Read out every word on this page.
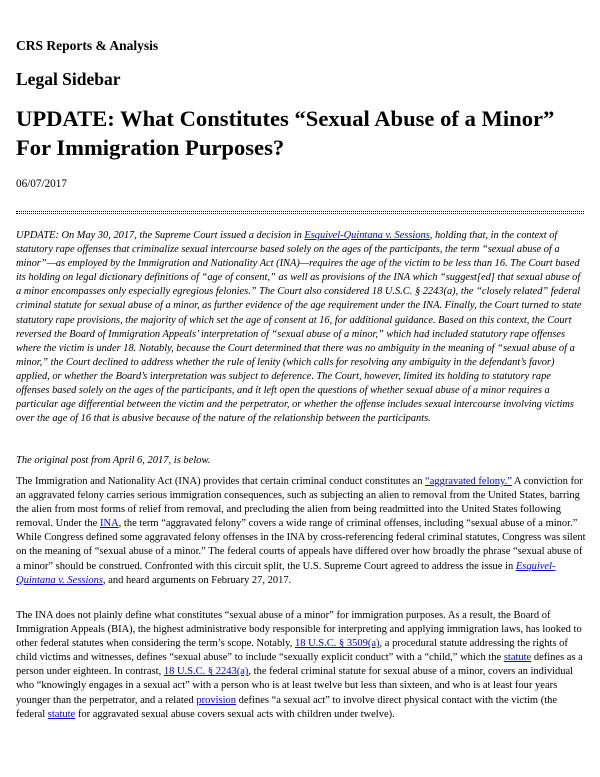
CRS Reports & Analysis
Legal Sidebar
UPDATE: What Constitutes “Sexual Abuse of a Minor” For Immigration Purposes?
06/07/2017

UPDATE: On May 30, 2017, the Supreme Court issued a decision in Esquivel-Quintana v. Sessions, holding that, in the context of statutory rape offenses that criminalize sexual intercourse based solely on the ages of the participants, the term “sexual abuse of a minor”—as employed by the Immigration and Nationality Act (INA)—requires the age of the victim to be less than 16. The Court based its holding on legal dictionary definitions of “age of consent,” as well as provisions of the INA which “suggest[ed] that sexual abuse of a minor encompasses only especially egregious felonies.” The Court also considered 18 U.S.C. § 2243(a), the “closely related” federal criminal statute for sexual abuse of a minor, as further evidence of the age requirement under the INA. Finally, the Court turned to state statutory rape provisions, the majority of which set the age of consent at 16, for additional guidance. Based on this context, the Court reversed the Board of Immigration Appeals’ interpretation of “sexual abuse of a minor,” which had included statutory rape offenses where the victim is under 18. Notably, because the Court determined that there was no ambiguity in the meaning of “sexual abuse of a minor,” the Court declined to address whether the rule of lenity (which calls for resolving any ambiguity in the defendant’s favor) applied, or whether the Board’s interpretation was subject to deference. The Court, however, limited its holding to statutory rape offenses based solely on the ages of the participants, and it left open the questions of whether sexual abuse of a minor requires a particular age differential between the victim and the perpetrator, or whether the offense includes sexual intercourse involving victims over the age of 16 that is abusive because of the nature of the relationship between the participants.

The original post from April 6, 2017, is below.

The Immigration and Nationality Act (INA) provides that certain criminal conduct constitutes an “aggravated felony.” A conviction for an aggravated felony carries serious immigration consequences, such as subjecting an alien to removal from the United States, barring the alien from most forms of relief from removal, and precluding the alien from being readmitted into the United States following removal. Under the INA, the term “aggravated felony” covers a wide range of criminal offenses, including “sexual abuse of a minor.” While Congress defined some aggravated felony offenses in the INA by cross-referencing federal criminal statutes, Congress was silent on the meaning of “sexual abuse of a minor.” The federal courts of appeals have differed over how broadly the phrase “sexual abuse of a minor” should be construed. Confronted with this circuit split, the U.S. Supreme Court agreed to address the issue in Esquivel-Quintana v. Sessions, and heard arguments on February 27, 2017.

The INA does not plainly define what constitutes “sexual abuse of a minor” for immigration purposes. As a result, the Board of Immigration Appeals (BIA), the highest administrative body responsible for interpreting and applying immigration laws, has looked to other federal statutes when considering the term’s scope. Notably, 18 U.S.C. § 3509(a), a procedural statute addressing the rights of child victims and witnesses, defines “sexual abuse” to include “sexually explicit conduct” with a “child,” which the statute defines as a person under eighteen. In contrast, 18 U.S.C. § 2243(a), the federal criminal statute for sexual abuse of a minor, covers an individual who “knowingly engages in a sexual act” with a person who is at least twelve but less than sixteen, and who is at least four years younger than the perpetrator, and a related provision defines “a sexual act” to involve direct physical contact with the victim (the federal statute for aggravated sexual abuse covers sexual acts with children under twelve).
